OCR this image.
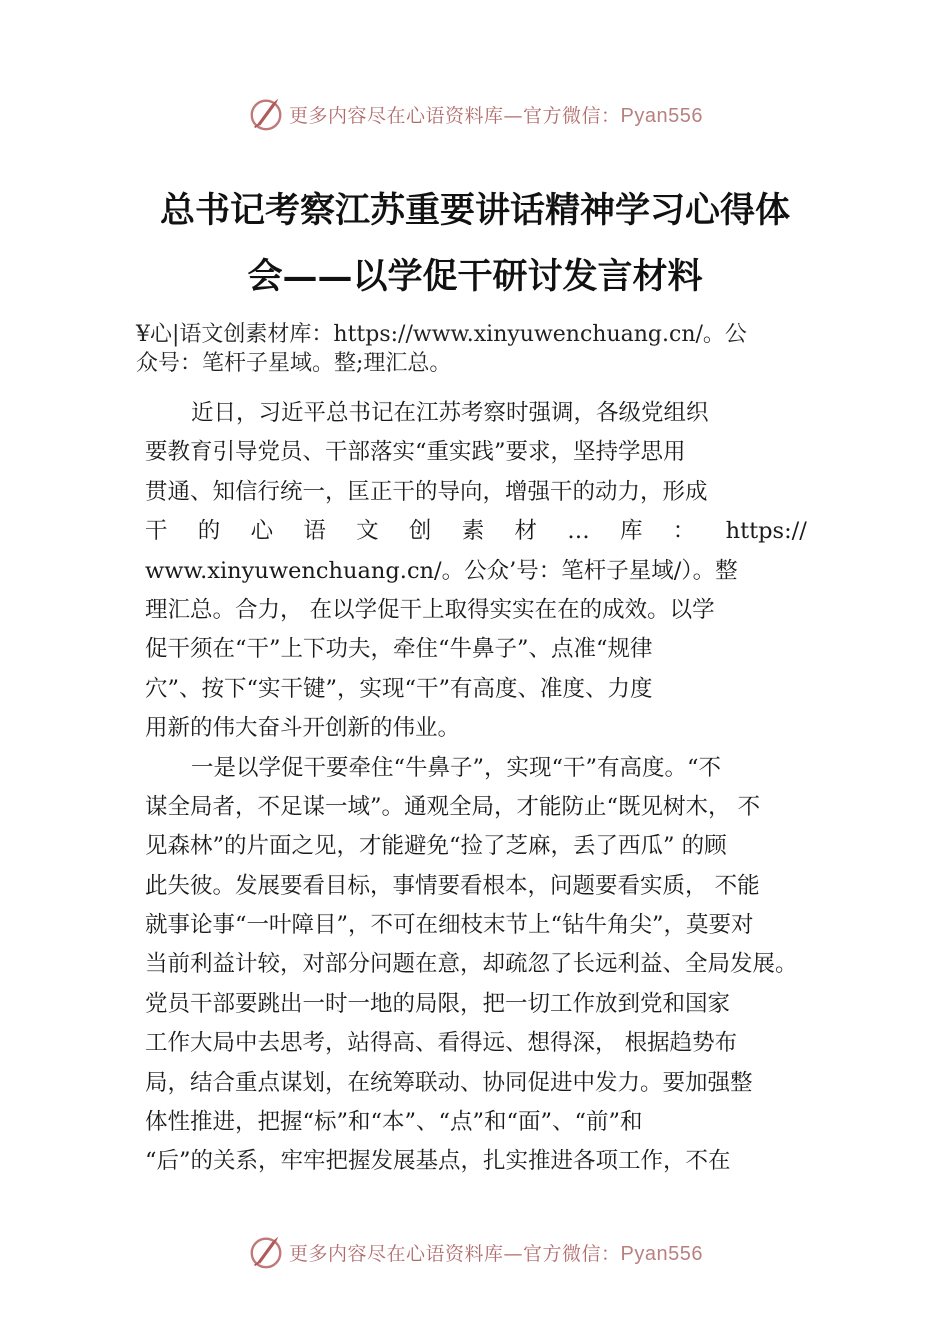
更多内容尽在心语资料库—官方微信：Pyan556
总书记考察江苏重要讲话精神学习心得体
会——以学促干研讨发言材料
¥心|语文创素材库：https://www.xinyuwenchuang.cn/。公
众号：笔杆子星域。整;理汇总。
近日，习近平总书记在江苏考察时强调，各级党组织
要教育引导党员、干部落实“重实践”要求，坚持学思用
贯通、知信行统一，匡正干的导向，增强干的动力，形成
干 的 心 语 文 创 素 材 … 库 ： https://
www.xinyuwenchuang.cn/。公众’号：笔杆子星域/）。整
理汇总。合力， 在以学促干上取得实实在在的成效。以学
促干须在“干”上下功夫，牵住“牛鼻子”、点准“规律
穴”、按下“实干键”，实现“干”有高度、准度、力度
用新的伟大奋斗开创新的伟业。
一是以学促干要牵住“牛鼻子”，实现“干”有高度。“不
谋全局者，不足谋一域”。通观全局，才能防止“既见树木， 不
见森林”的片面之见，才能避免“捡了芝麻，丢了西瓜” 的顾
此失彼。发展要看目标，事情要看根本，问题要看实质， 不能
就事论事“一叶障目”，不可在细枝末节上“钻牛角尖”，莫要对
当前利益计较，对部分问题在意，却疏忽了长远利益、全局发展。
党员干部要跳出一时一地的局限，把一切工作放到党和国家
工作大局中去思考，站得高、看得远、想得深， 根据趋势布
局，结合重点谋划，在统筹联动、协同促进中发力。要加强整
体性推进，把握“标”和“本”、“点”和“面”、“前”和
“后”的关系，牢牢把握发展基点，扎实推进各项工作，不在
更多内容尽在心语资料库—官方微信：Pyan556
